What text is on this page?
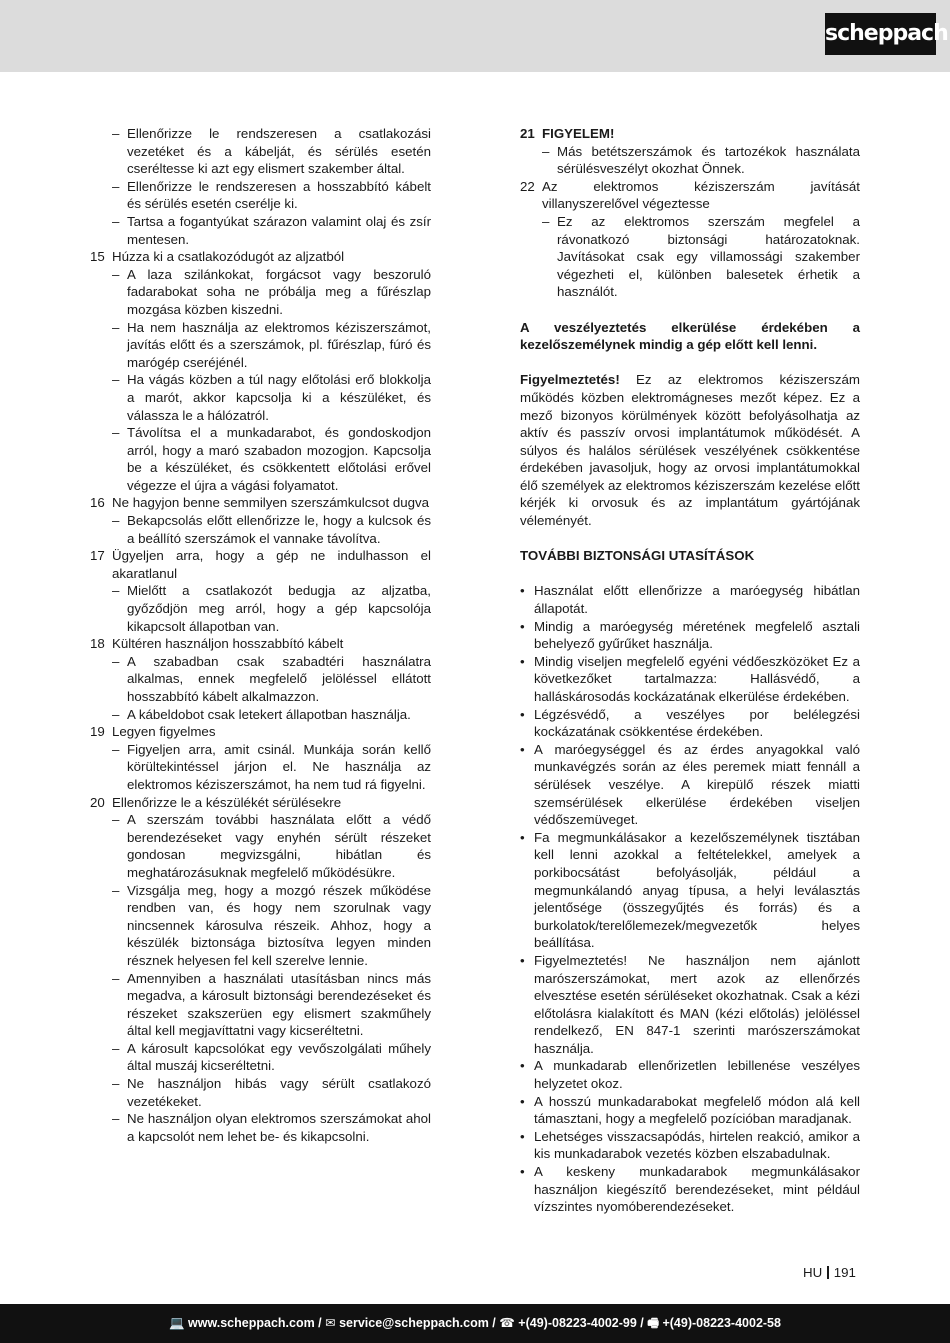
scheppach
– Ellenőrizze le rendszeresen a csatlakozási vezetéket és a kábelját, és sérülés esetén cseréltesse ki azt egy elismert szakember által.
– Ellenőrizze le rendszeresen a hosszabbító kábelt és sérülés esetén cserélje ki.
– Tartsa a fogantyúkat szárazon valamint olaj és zsír mentesen.
15 Húzza ki a csatlakozódugót az aljzatból
– A laza szilánkokat, forgácsot vagy beszoruló fadarabokat soha ne próbálja meg a fűrészlap mozgása közben kiszedni.
– Ha nem használja az elektromos kéziszerszámot, javítás előtt és a szerszámok, pl. fűrészlap, fúró és marógép cseréjénél.
– Ha vágás közben a túl nagy előtolási erő blokkolja a marót, akkor kapcsolja ki a készüléket, és válassza le a hálózatról.
– Távolítsa el a munkadarabot, és gondoskodjon arról, hogy a maró szabadon mozogjon. Kapcsolja be a készüléket, és csökkentett előtolási erővel végezze el újra a vágási folyamatot.
16 Ne hagyjon benne semmilyen szerszámkulcsot dugva
– Bekapcsolás előtt ellenőrizze le, hogy a kulcsok és a beállító szerszámok el vannake távolítva.
17 Ügyeljen arra, hogy a gép ne indulhasson el akaratlanul
– Mielőtt a csatlakozót bedugja az aljzatba, győződjön meg arról, hogy a gép kapcsolója kikapcsolt állapotban van.
18 Kültéren használjon hosszabbító kábelt
– A szabadban csak szabadtéri használatra alkalmas, ennek megfelelő jelöléssel ellátott hosszabbító kábelt alkalmazzon.
– A kábeldobot csak letekert állapotban használja.
19 Legyen figyelmes
– Figyeljen arra, amit csinál. Munkája során kellő körültekintéssel járjon el. Ne használja az elektromos kéziszerszámot, ha nem tud rá figyelni.
20 Ellenőrizze le a készülékét sérülésekre
– A szerszám további használata előtt a védő berendezéseket vagy enyhén sérült részeket gondosan megvizsgálni, hibátlan és meghatározásuknak megfelelő működésükre.
– Vizsgálja meg, hogy a mozgó részek működése rendben van, és hogy nem szorulnak vagy nincsennek károsulva részeik. Ahhoz, hogy a készülék biztonsága biztosítva legyen minden résznek helyesen fel kell szerelve lennie.
– Amennyiben a használati utasításban nincs más megadva, a károsult biztonsági berendezéseket és részeket szakszerüen egy elismert szakműhely által kell megjavíttatni vagy kicseréltetni.
– A károsult kapcsolókat egy vevőszolgálati műhely által muszáj kicseréltetni.
– Ne használjon hibás vagy sérült csatlakozó vezetékeket.
– Ne használjon olyan elektromos szerszámokat ahol a kapcsolót nem lehet be- és kikapcsolni.
21 FIGYELEM!
– Más betétszerszámok és tartozékok használata sérülésveszélyt okozhat Önnek.
22 Az elektromos kéziszerszám javítását villanyszerelővel végeztesse
– Ez az elektromos szerszám megfelel a rávonatkozó biztonsági határozatoknak. Javításokat csak egy villamossági szakember végezheti el, különben balesetek érhetik a használót.
A veszélyeztetés elkerülése érdekében a kezelőszemélynek mindig a gép előtt kell lenni.
Figyelmeztetés! Ez az elektromos kéziszerszám működés közben elektromágneses mezőt képez. Ez a mező bizonyos körülmények között befolyásolhatja az aktív és passzív orvosi implantátumok működését. A súlyos és halálos sérülések veszélyének csökkentése érdekében javasoljuk, hogy az orvosi implantátumokkal élő személyek az elektromos kéziszerszám kezelése előtt kérjék ki orvosuk és az implantátum gyártójának véleményét.
TOVÁBBI BIZTONSÁGI UTASÍTÁSOK
• Használat előtt ellenőrizze a maróegység hibátlan állapotát.
• Mindig a maróegység méretének megfelelő asztali behelyező gyűrűket használja.
• Mindig viseljen megfelelő egyéni védőeszközöket Ez a következőket tartalmazza: Hallásvédő, a halláskárosodás kockázatának elkerülése érdekében.
• Légzésvédő, a veszélyes por belélegzési kockázatának csökkentése érdekében.
• A maróegységgel és az érdes anyagokkal való munkavégzés során az éles peremek miatt fennáll a sérülések veszélye. A kirepülő részek miatti szemsérülések elkerülése érdekében viseljen védőszemüveget.
• Fa megmunkálásakor a kezelőszemélynek tisztában kell lenni azokkal a feltételekkel, amelyek a porkibocsátást befolyásolják, például a megmunkálandó anyag típusa, a helyi leválasztás jelentősége (összegyűjtés és forrás) és a burkolatok/terelőlemezek/megvezetők helyes beállítása.
• Figyelmeztetés! Ne használjon nem ajánlott marószerszámokat, mert azok az ellenőrzés elvesztése esetén sérüléseket okozhatnak. Csak a kézi előtolásra kialakított és MAN (kézi előtolás) jelöléssel rendelkező, EN 847-1 szerinti marószerszámokat használja.
• A munkadarab ellenőrizetlen lebillenése veszélyes helyzetet okoz.
• A hosszú munkadarabokat megfelelő módon alá kell támasztani, hogy a megfelelő pozícióban maradjanak.
• Lehetséges visszacsapódás, hirtelen reakció, amikor a kis munkadarabok vezetés közben elszabadulnak.
• A keskeny munkadarabok megmunkálásakor használjon kiegészítő berendezéseket, mint például vízszintes nyomóberendezéseket.
HU 191
💻 www.scheppach.com / ✉ service@scheppach.com / ☎ +(49)-08223-4002-99 / 🖷 +(49)-08223-4002-58
